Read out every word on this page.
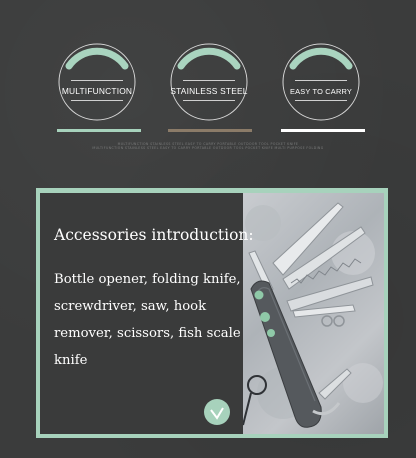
MULTIFUNCTION	STAINLESS STEEL	EASY TO CARRY
MULTIFUNCTION STAINLESS STEEL EASY TO CARRY PORTABLE OUTDOOR TOOL POCKET KNIFE
MULTIFUNCTION STAINLESS STEEL EASY TO CARRY PORTABLE OUTDOOR TOOL POCKET KNIFE MULTI PURPOSE FOLDING
Accessories introduction:
Bottle opener, folding knife, screwdriver, saw, hook remover, scissors, fish scale knife
